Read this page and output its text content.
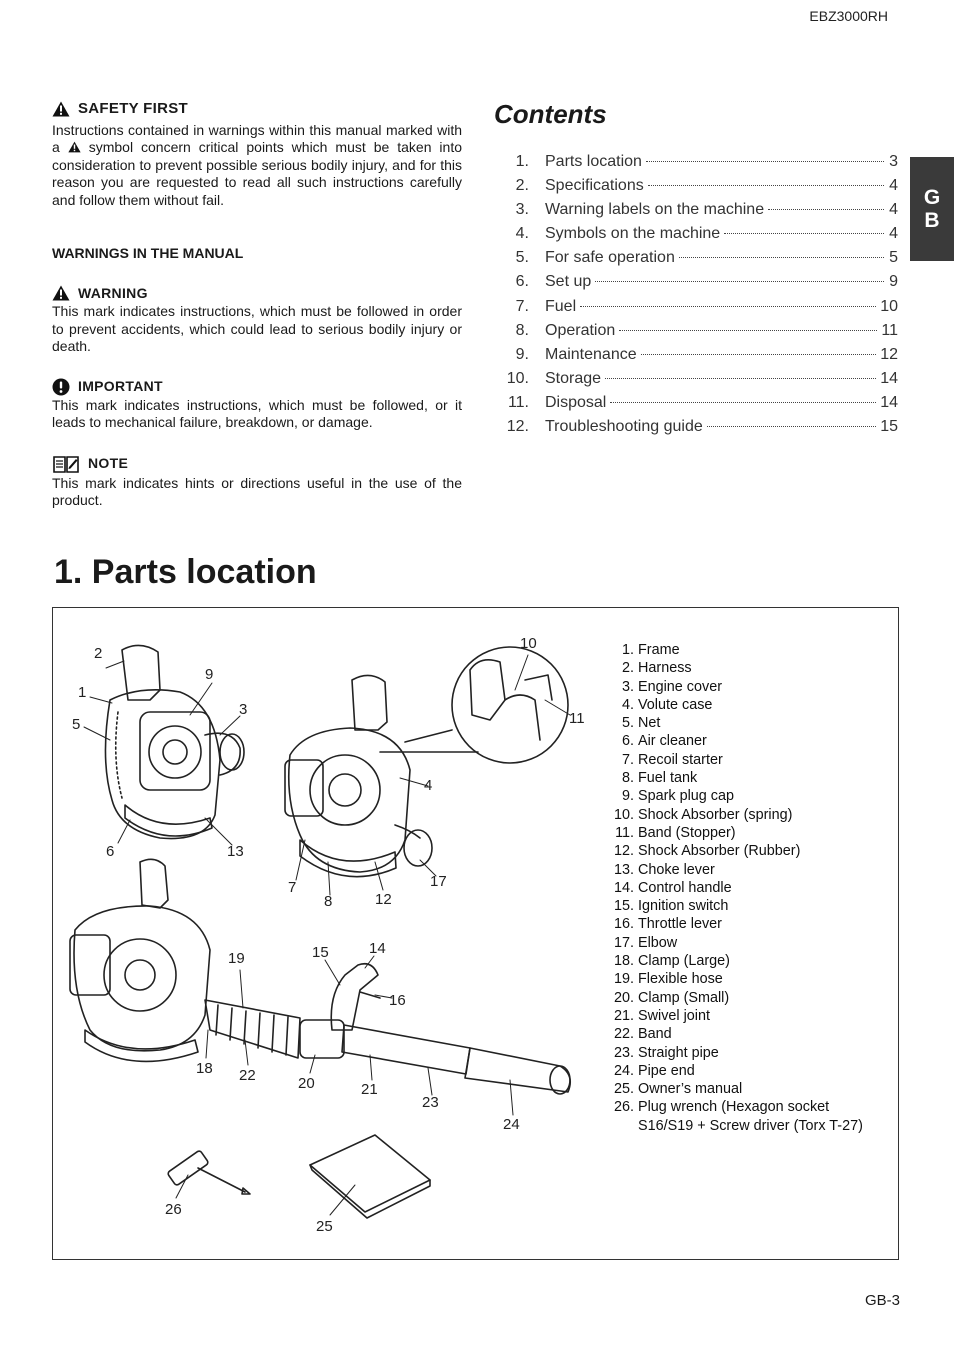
EBZ3000RH
G
B
SAFETY FIRST

Instructions contained in warnings within this manual marked with a symbol concern critical points which must be taken into consideration to prevent possible serious bodily injury, and for this reason you are requested to read all such instructions carefully and follow them without fail.

WARNINGS IN THE MANUAL
WARNING

This mark indicates instructions, which must be followed in order to prevent accidents, which could lead to serious bodily injury or death.

IMPORTANT

This mark indicates instructions, which must be followed, or it leads to mechanical failure, breakdown, or damage.

NOTE

This mark indicates hints or directions useful in the use of the product.

Contents
1. Parts location	3
2. Specifications	4
3. Warning labels on the machine	4
4. Symbols on the machine	4
5. For safe operation	5
6. Set up	9
7. Fuel	10
8. Operation	11
9. Maintenance	12
10. Storage	14
11. Disposal	14
12. Troubleshooting guide	15
1. Parts location
2
1
5
9
3
6	13
4
7
8	12
17
10
11
19	15	14
16
18 22	20	21
23
24
26
25
1. Frame
2. Harness
3. Engine cover
4. Volute case
5. Net
6. Air cleaner
7. Recoil starter
8. Fuel tank
9. Spark plug cap
10. Shock Absorber (spring)
11. Band (Stopper)
12. Shock Absorber (Rubber)
13. Choke lever
14. Control handle
15. Ignition switch
16. Throttle lever
17. Elbow
18. Clamp (Large)
19. Flexible hose
20. Clamp (Small)
21. Swivel joint
22. Band
23. Straight pipe
24. Pipe end
25. Owner’s manual
26. Plug wrench (Hexagon socket
S16/S19 + Screw driver (Torx T-27)
GB-3
